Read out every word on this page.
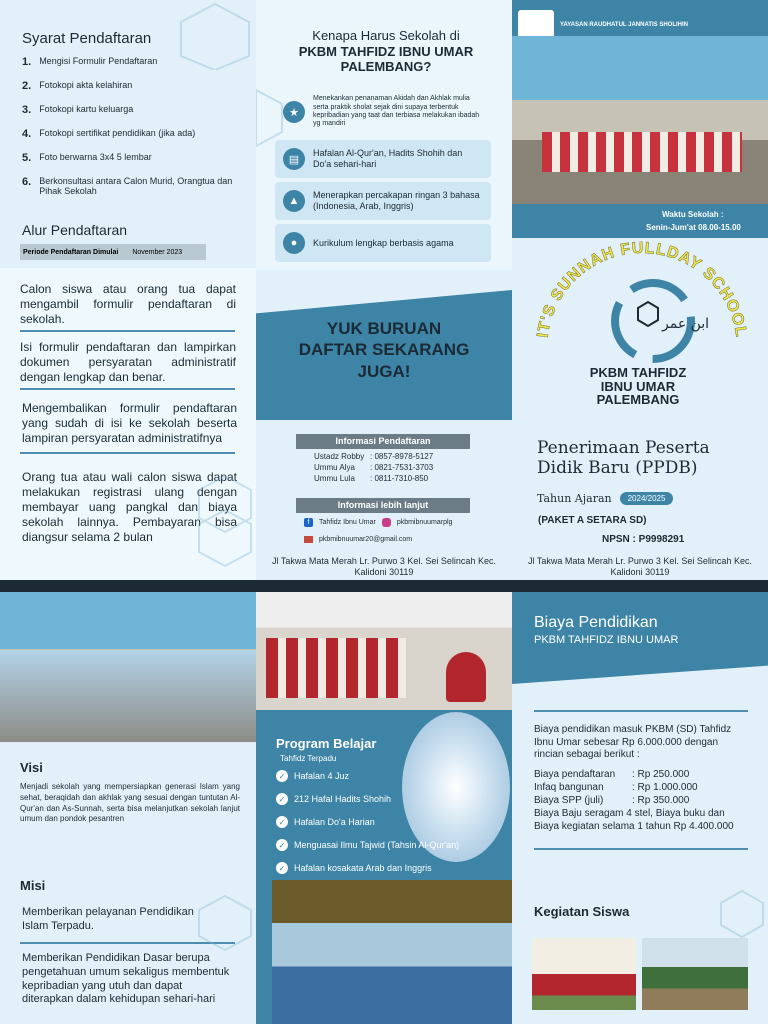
Syarat Pendaftaran
1. Mengisi Formulir Pendaftaran
2. Fotokopi akta kelahiran
3. Fotokopi kartu keluarga
4. Fotokopi sertifikat pendidikan (jika ada)
5. Foto berwarna 3x4 5 lembar
6. Berkonsultasi antara Calon Murid, Orangtua dan Pihak Sekolah
Alur Pendaftaran
Periode Pendaftaran Dimulai November 2023

Calon siswa atau orang tua dapat mengambil formulir pendaftaran di sekolah.

Isi formulir pendaftaran dan lampirkan dokumen persyaratan administratif dengan lengkap dan benar.

Mengembalikan formulir pendaftaran yang sudah di isi ke sekolah beserta lampiran persyaratan administratifnya

Orang tua atau wali calon siswa dapat melakukan registrasi ulang dengan membayar uang pangkal dan biaya sekolah lainnya. Pembayaran bisa diangsur selama 2 bulan

Kenapa Harus Sekolah di
PKBM TAHFIDZ IBNU UMAR PALEMBANG?
★
Menekankan penanaman Akidah dan Akhlak mulia serta praktik sholat sejak dini supaya terbentuk kepribadian yang taat dan terbiasa melakukan ibadah yg mandiri
▤
Hafalan Al-Qur'an, Hadits Shohih dan Do'a sehari-hari
▲	Menerapkan percakapan ringan 3 bahasa (Indonesia, Arab, Inggris)
●	Kurikulum lengkap berbasis agama
YUK BURUAN DAFTAR SEKARANG JUGA!
Informasi Pendaftaran
Ustadz Robby : 0857-8978-5127
Ummu Alya : 0821-7531-3703
Ummu Lula : 0811-7310-850
Informasi lebih lanjut
f	Tahfidz Ibnu Umar	pkbmibnuumarplg
pkbmibnuumar20@gmail.com
Jl Takwa Mata Merah Lr. Purwo 3 Kel. Sei Selincah Kec. Kalidoni 30119
YAYASAN RAUDHATUL JANNATIS SHOLIHIN
Waktu Sekolah :
Senin-Jum'at 08.00-15.00
IT'S SUNNAH FULLDAY SCHOOL
ابن عمر
PKBM TAHFIDZ
IBNU UMAR
PALEMBANG
Penerimaan Peserta
Didik Baru (PPDB)
Tahun Ajaran	2024/2025
(PAKET A SETARA SD)
NPSN : P9998291
Jl Takwa Mata Merah Lr. Purwo 3 Kel. Sei Selincah Kec. Kalidoni 30119
Visi

Menjadi sekolah yang mempersiapkan generasi Islam yang sehat, beraqidah dan akhlak yang sesuai dengan tuntutan Al-Qur'an dan As-Sunnah, serta bisa melanjutkan sekolah lanjut umum dan pondok pesantren

Misi

Memberikan pelayanan Pendidikan Islam Terpadu.

Memberikan Pendidikan Dasar berupa pengetahuan umum sekaligus membentuk kepribadian yang utuh dan dapat diterapkan dalam kehidupan sehari-hari

Program Belajar
Tahfidz Terpadu
✓ Hafalan 4 Juz
✓ 212 Hafal Hadits Shohih
✓ Hafalan Do'a Harian
✓ Menguasai Ilmu Tajwid (Tahsin Al-Qur'an)
✓ Hafalan kosakata Arab dan Inggris
Biaya Pendidikan
PKBM TAHFIDZ IBNU UMAR

Biaya pendidikan masuk PKBM (SD) Tahfidz Ibnu Umar sebesar Rp 6.000.000 dengan rincian sebagai berikut :

Biaya pendaftaran : Rp 250.000
Infaq bangunan	: Rp 1.000.000
Biaya SPP (juli)	: Rp 350.000
Biaya Baju seragam 4 stel, Biaya buku dan
Biaya kegiatan selama 1 tahun Rp 4.400.000
Kegiatan Siswa
